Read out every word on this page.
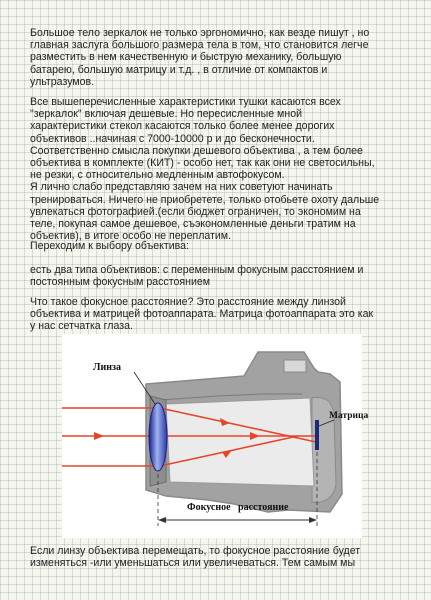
Большое тело зеркалок не только эргономично, как везде пишут , но
главная заслуга большого размера тела в том, что становится легче
разместить в нем качественную и быструю механику, большую
батарею, большую матрицу и т.д. , в отличие от компактов и
ультразумов.
Все вышеперечисленные характеристики тушки касаются всех
"зеркалок" включая дешевые. Но пересисленные мной
характеристики стекол касаются только более менее дорогих
объективов ..начиная с 7000-10000 р и до бесконечности.
Соответственно смысла покупки дешевого объектива , а тем более
объектива в комплекте (КИТ) - особо нет, так как они не светосильны,
не резки, с относительно медленным автофокусом.
Я лично слабо представляю зачем на них советуют начинать
тренироваться. Ничего не приобретете, только отобьете охоту дальше
увлекаться фотографией.(если бюджет ограничен, то экономим на
теле, покупая самое дешевое, съэкономленные деньги тратим на
объектив), в итоге особо не переплатим.
Переходим к выбору объектива:
есть два типа объективов: с переменным фокусным расстоянием и
постоянным фокусным расстоянием
Что такое фокусное расстояние? Это расстояние между линзой
объектива и матрицей фотоаппарата. Матрица фотоаппарата это как
у нас сетчатка глаза.
Линза
Матрица
Фокусное   расстояние
Если линзу объектива перемещать, то фокусное расстояние будет
изменяться -или уменьшаться или увеличеваться. Тем самым мы
